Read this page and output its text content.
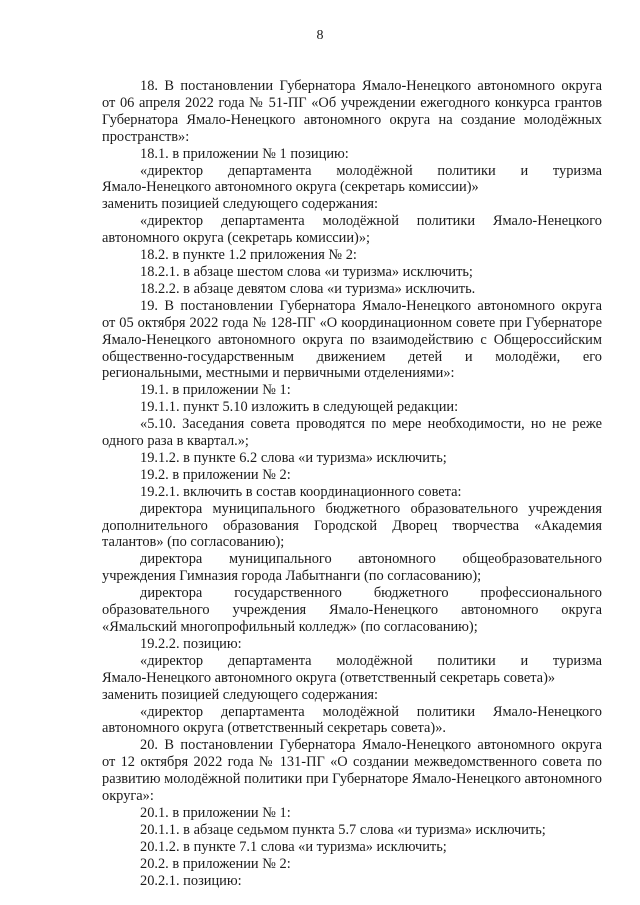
8

18. В постановлении Губернатора Ямало-Ненецкого автономного округа от 06 апреля 2022 года № 51-ПГ «Об учреждении ежегодного конкурса грантов Губернатора Ямало-Ненецкого автономного округа на создание молодёжных пространств»:

18.1. в приложении № 1 позицию:

«директор департамента молодёжной политики и туризма

Ямало-Ненецкого автономного округа (секретарь комиссии)»

заменить позицией следующего содержания:

«директор департамента молодёжной политики Ямало-Ненецкого автономного округа (секретарь комиссии)»;

18.2. в пункте 1.2 приложения № 2:

18.2.1. в абзаце шестом слова «и туризма» исключить;

18.2.2. в абзаце девятом слова «и туризма» исключить.

19. В постановлении Губернатора Ямало-Ненецкого автономного округа от 05 октября 2022 года № 128-ПГ «О координационном совете при Губернаторе Ямало-Ненецкого автономного округа по взаимодействию с Общероссийским общественно-государственным движением детей и молодёжи, его региональными, местными и первичными отделениями»:

19.1. в приложении № 1:

19.1.1. пункт 5.10 изложить в следующей редакции:

«5.10. Заседания совета проводятся по мере необходимости, но не реже одного раза в квартал.»;

19.1.2. в пункте 6.2 слова «и туризма» исключить;

19.2. в приложении № 2:

19.2.1. включить в состав координационного совета:

директора муниципального бюджетного образовательного учреждения дополнительного образования Городской Дворец творчества «Академия талантов» (по согласованию);

директора муниципального автономного общеобразовательного учреждения Гимназия города Лабытнанги (по согласованию);

директора государственного бюджетного профессионального образовательного учреждения Ямало-Ненецкого автономного округа «Ямальский многопрофильный колледж» (по согласованию);

19.2.2. позицию:

«директор департамента молодёжной политики и туризма

Ямало-Ненецкого автономного округа (ответственный секретарь совета)»

заменить позицией следующего содержания:

«директор департамента молодёжной политики Ямало-Ненецкого автономного округа (ответственный секретарь совета)».

20. В постановлении Губернатора Ямало-Ненецкого автономного округа от 12 октября 2022 года № 131-ПГ «О создании межведомственного совета по развитию молодёжной политики при Губернаторе Ямало-Ненецкого автономного округа»:

20.1. в приложении № 1:

20.1.1. в абзаце седьмом пункта 5.7 слова «и туризма» исключить;

20.1.2. в пункте 7.1 слова «и туризма» исключить;

20.2. в приложении № 2:

20.2.1. позицию:
